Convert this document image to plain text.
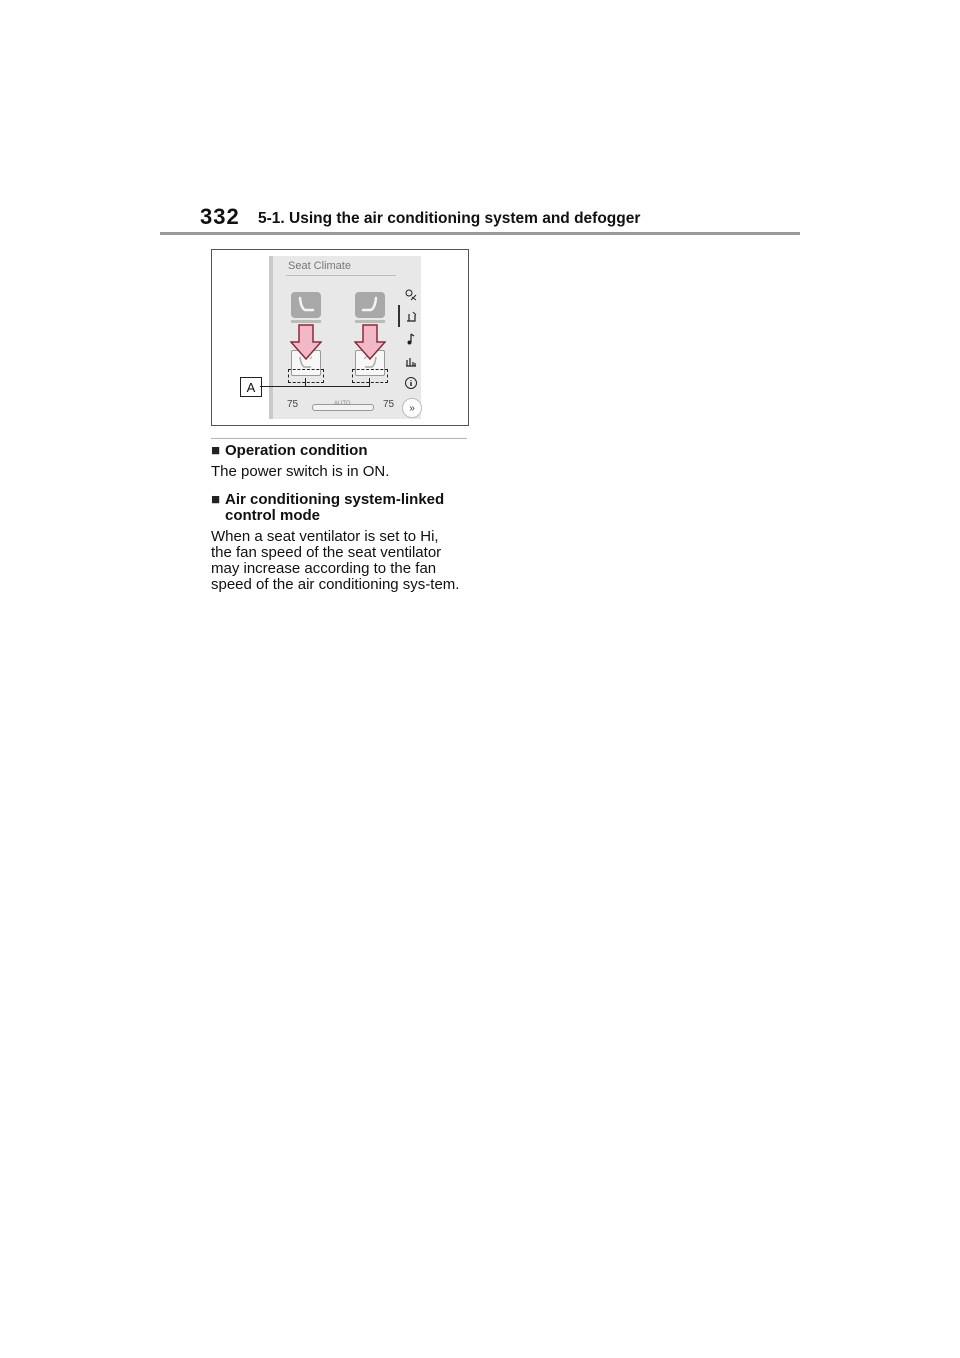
332 5-1. Using the air conditioning system and defogger
Seat Climate
A
75	AUTO	75	»
■ Operation condition

The power switch is in ON.

■ Air conditioning system-linked control mode

When a seat ventilator is set to Hi, the fan speed of the seat ventilator may increase according to the fan speed of the air conditioning sys-tem.
